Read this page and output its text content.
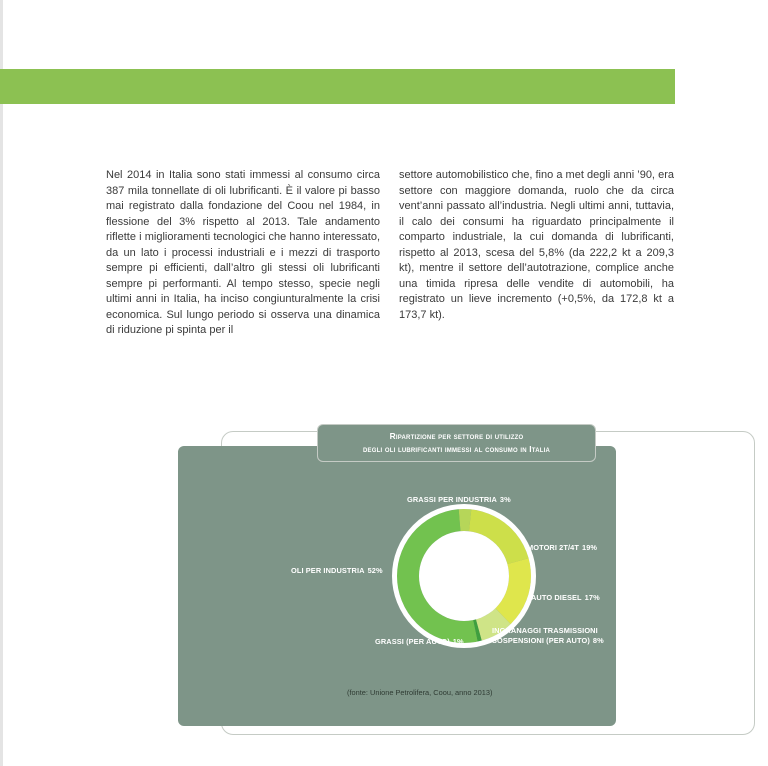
Nel 2014 in Italia sono stati immessi al consumo circa 387 mila tonnellate di oli lubrificanti. È il valore pi basso mai registrato dalla fondazione del Coou nel 1984, in flessione del 3% rispetto al 2013. Tale andamento riflette i miglioramenti tecnologici che hanno interessato, da un lato i processi industriali e i mezzi di trasporto sempre pi efficienti, dall’altro gli stessi oli lubrificanti sempre pi performanti. Al tempo stesso, specie negli ultimi anni in Italia, ha inciso congiunturalmente la crisi economica. Sul lungo periodo si osserva una dinamica di riduzione pi spinta per il

settore automobilistico che, fino a met degli anni ’90, era settore con maggiore domanda, ruolo che da circa vent’anni passato all’industria. Negli ultimi anni, tuttavia, il calo dei consumi ha riguardato principalmente il comparto industriale, la cui domanda di lubrificanti, rispetto al 2013, scesa del 5,8% (da 222,2 kt a 209,3 kt), mentre il settore dell’autotrazione, complice anche una timida ripresa delle vendite di automobili, ha registrato un lieve incremento (+0,5%, da 172,8 kt a 173,7 kt).

Ripartizione per settore di utilizzo
degli oli lubrificanti immessi al consumo in Italia
GRASSI PER INDUSTRIA 3%
MOTORI 2T/4T 19%
AUTO DIESEL 17%
INGRANAGGI TRASMISSIONI
SOSPENSIONI (PER AUTO) 8%
GRASSI (PER AUTO) 1%
OLI PER INDUSTRIA 52%
(fonte: Unione Petrolifera, Coou, anno 2013)
